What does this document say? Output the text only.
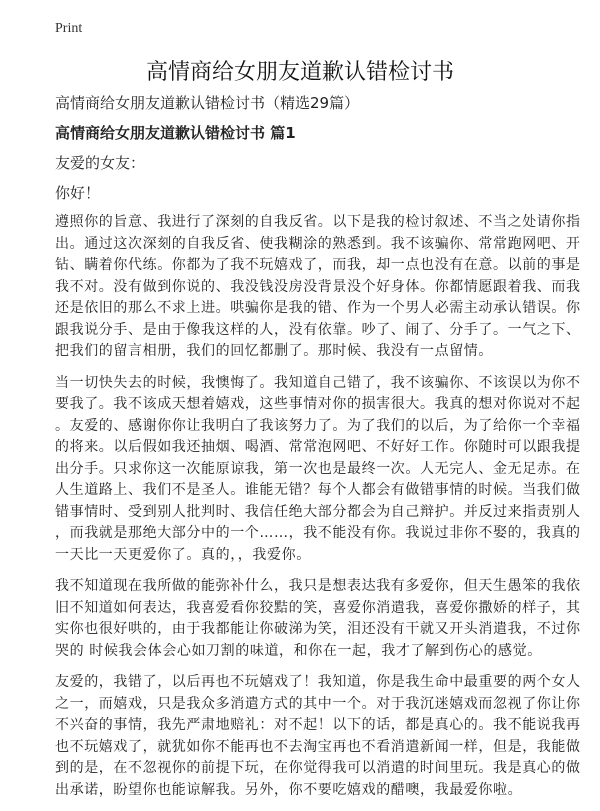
Print
高情商给女朋友道歉认错检讨书
高情商给女朋友道歉认错检讨书（精选29篇）
高情商给女朋友道歉认错检讨书 篇1
友爱的女友：
你好！
遵照你的旨意、我进行了深刻的自我反省。以下是我的检讨叙述、不当之处请你指
出。通过这次深刻的自我反省、使我糊涂的熟悉到。我不该骗你、常常跑网吧、开
钻、瞒着你代练。你都为了我不玩嬉戏了，而我，却一点也没有在意。以前的事是
我不对。没有做到你说的、我没钱没房没背景没个好身体。你都情愿跟着我、而我
还是依旧的那么不求上进。哄骗你是我的错、作为一个男人必需主动承认错误。你
跟我说分手、是由于像我这样的人，没有依靠。吵了、闹了、分手了。一气之下、
把我们的留言相册，我们的回忆都删了。那时候、我没有一点留情。
当一切快失去的时候，我懊悔了。我知道自己错了，我不该骗你、不该误以为你不
要我了。我不该成天想着嬉戏，这些事情对你的损害很大。我真的想对你说对不起
。友爱的、感谢你你让我明白了我该努力了。为了我们的以后，为了给你一个幸福
的将来。以后假如我还抽烟、喝酒、常常泡网吧、不好好工作。你随时可以跟我提
出分手。只求你这一次能原谅我，第一次也是最终一次。人无完人、金无足赤。在
人生道路上、我们不是圣人。谁能无错？每个人都会有做错事情的时候。当我们做
错事情时、受到别人批判时、我信任绝大部分都会为自己辩护。并反过来指责别人
，而我就是那绝大部分中的一个……，我不能没有你。我说过非你不娶的，我真的
一天比一天更爱你了。真的，，我爱你。
我不知道现在我所做的能弥补什么，我只是想表达我有多爱你，但天生愚笨的我依
旧不知道如何表达，我喜爱看你狡黠的笑，喜爱你消遣我，喜爱你撒娇的样子，其
实你也很好哄的，由于我都能让你破涕为笑，泪还没有干就又开头消遣我，不过你
哭的 时候我会体会心如刀割的味道，和你在一起，我才了解到伤心的感觉。
友爱的，我错了，以后再也不玩嬉戏了！我知道，你是我生命中最重要的两个女人
之一，而嬉戏，只是我众多消遣方式的其中一个。对于我沉迷嬉戏而忽视了你让你
不兴奋的事情，我先严肃地赔礼：对不起！以下的话，都是真心的。我不能说我再
也不玩嬉戏了，就犹如你不能再也不去淘宝再也不看消遣新闻一样，但是，我能做
到的是，在不忽视你的前提下玩，在你觉得我可以消遣的时间里玩。我是真心的做
出承诺，盼望你也能谅解我。另外，你不要吃嬉戏的醋噢，我最爱你啦。
